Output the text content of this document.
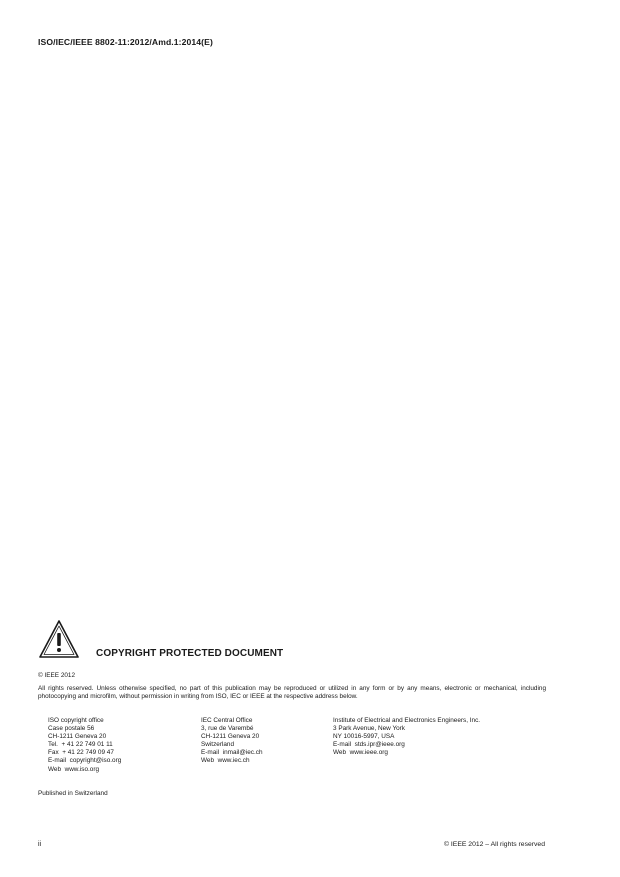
ISO/IEC/IEEE 8802-11:2012/Amd.1:2014(E)
COPYRIGHT PROTECTED DOCUMENT
© IEEE 2012
All rights reserved. Unless otherwise specified, no part of this publication may be reproduced or utilized in any form or by any means, electronic or mechanical, including photocopying and microfilm, without permission in writing from ISO, IEC or IEEE at the respective address below.
ISO copyright office
Case postale 56
CH-1211 Geneva 20
Tel.  + 41 22 749 01 11
Fax  + 41 22 749 09 47
E-mail  copyright@iso.org
Web  www.iso.org
IEC Central Office
3, rue de Varembé
CH-1211 Geneva 20
Switzerland
E-mail  inmail@iec.ch
Web  www.iec.ch
Institute of Electrical and Electronics Engineers, Inc.
3 Park Avenue, New York
NY 10016-5997, USA
E-mail  stds.ipr@ieee.org
Web  www.ieee.org
Published in Switzerland
ii	© IEEE 2012 – All rights reserved
